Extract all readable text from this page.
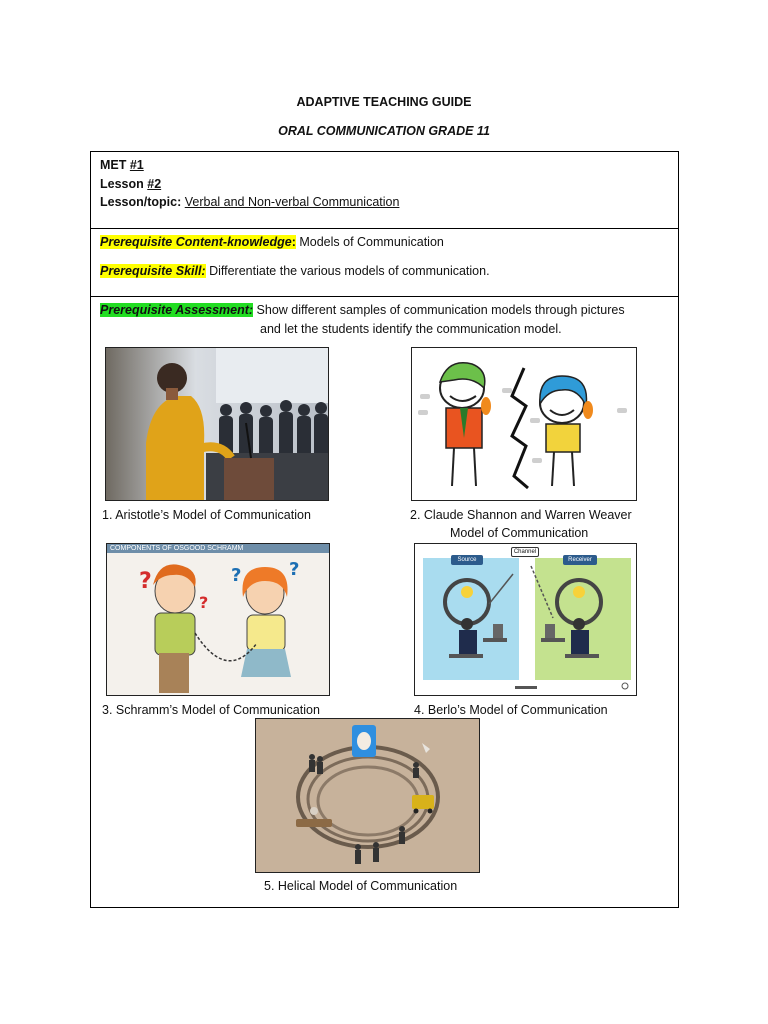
ADAPTIVE TEACHING GUIDE
ORAL COMMUNICATION GRADE 11
MET #1
Lesson #2
Lesson/topic: Verbal and Non-verbal Communication
Prerequisite Content-knowledge: Models of Communication
Prerequisite Skill: Differentiate the various models of communication.
Prerequisite Assessment: Show different samples of communication models through pictures
and let the students identify the communication model.
1. Aristotle’s Model of Communication	2. Claude Shannon and Warren Weaver
Model of Communication
COMPONENTS OF OSGOOD SCHRAMM
?
?
?	?
3. Schramm’s Model of Communication
Source
Channel
Receiver
4. Berlo’s Model of Communication
5. Helical Model of Communication
